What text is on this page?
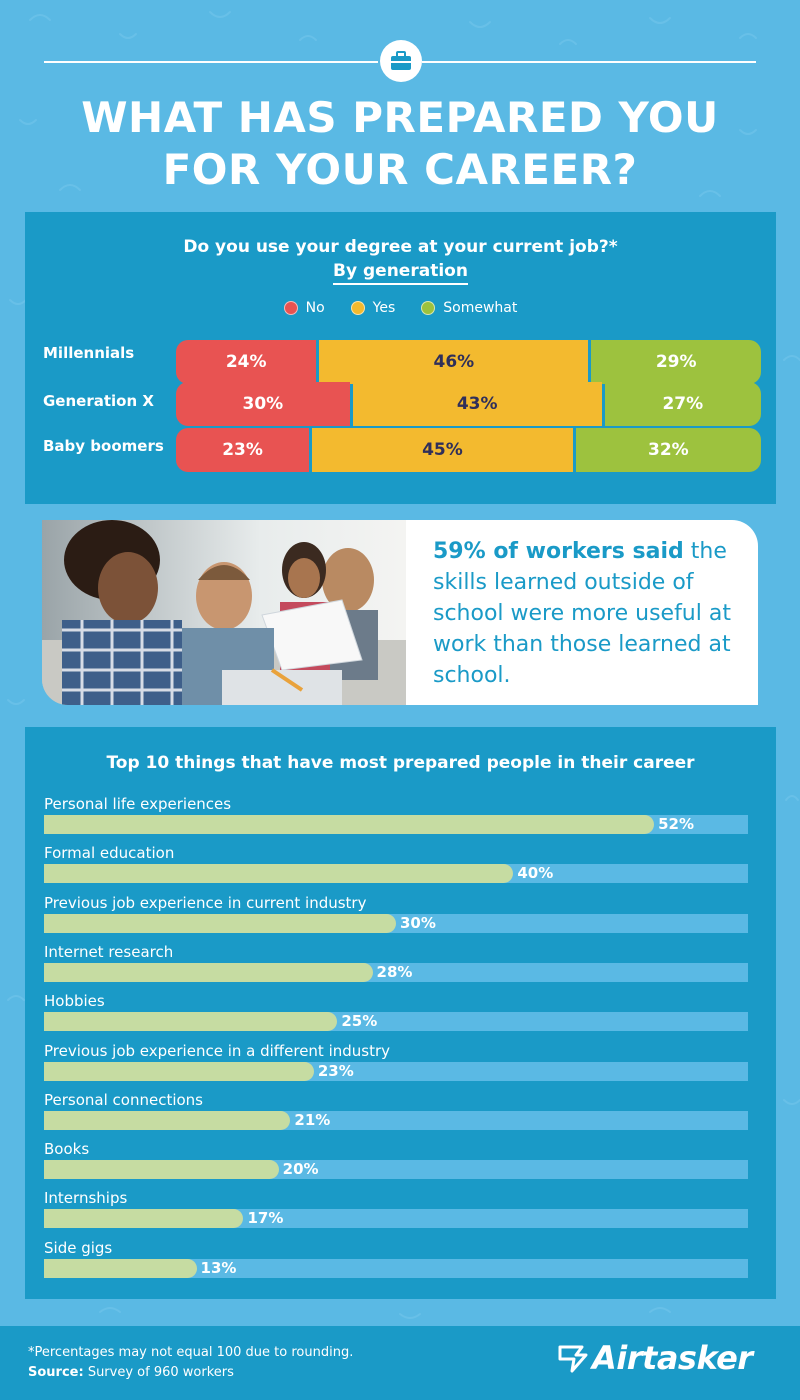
WHAT HAS PREPARED YOU
FOR YOUR CAREER?
Do you use your degree at your current job?*
By generation
No	Yes	Somewhat
Millennials	24%	46%	29%
Generation X	30%	43%	27%
Baby boomers	23%	45%	32%
59% of workers said the skills learned outside of school were more useful at work than those learned at school.
Top 10 things that have most prepared people in their career
Personal life experiences
52%
Formal education
40%
Previous job experience in current industry
30%
Internet research
28%
Hobbies
25%
Previous job experience in a different industry
23%
Personal connections
21%
Books
20%
Internships
17%
Side gigs
13%
*Percentages may not equal 100 due to rounding.
Source: Survey of 960 workers	Airtasker
